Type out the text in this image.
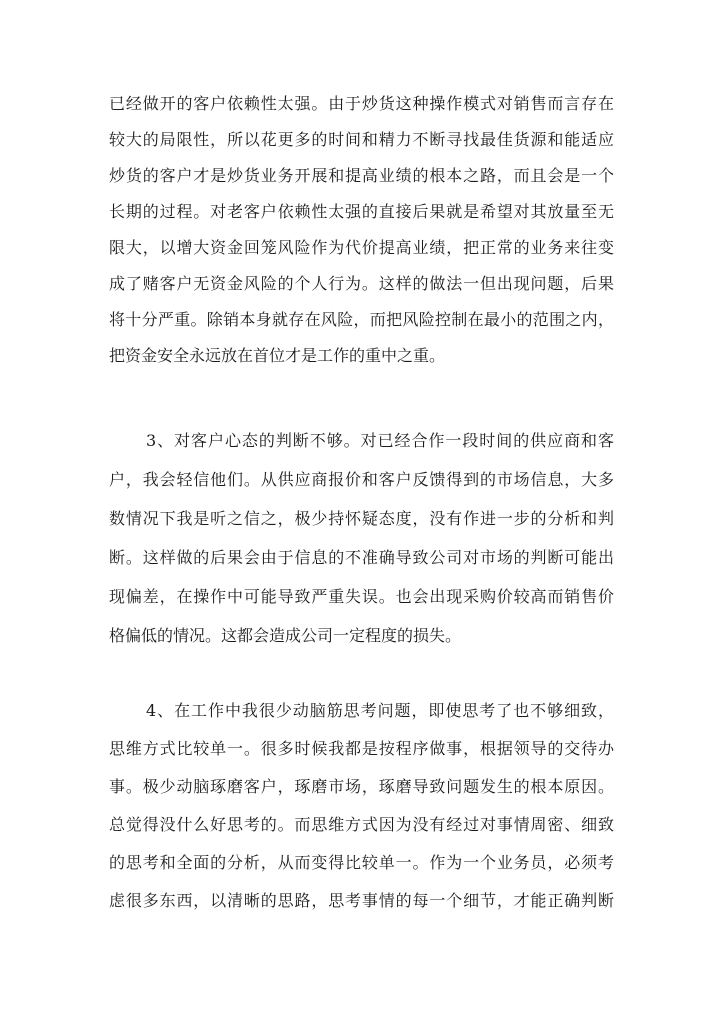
已经做开的客户依赖性太强。由于炒货这种操作模式对销售而言存在
较大的局限性，所以花更多的时间和精力不断寻找最佳货源和能适应
炒货的客户才是炒货业务开展和提高业绩的根本之路，而且会是一个
长期的过程。对老客户依赖性太强的直接后果就是希望对其放量至无
限大，以增大资金回笼风险作为代价提高业绩，把正常的业务来往变
成了赌客户无资金风险的个人行为。这样的做法一但出现问题，后果
将十分严重。除销本身就存在风险，而把风险控制在最小的范围之内，
把资金安全永远放在首位才是工作的重中之重。
3、对客户心态的判断不够。对已经合作一段时间的供应商和客
户，我会轻信他们。从供应商报价和客户反馈得到的市场信息，大多
数情况下我是听之信之，极少持怀疑态度，没有作进一步的分析和判
断。这样做的后果会由于信息的不准确导致公司对市场的判断可能出
现偏差，在操作中可能导致严重失误。也会出现采购价较高而销售价
格偏低的情况。这都会造成公司一定程度的损失。
4、在工作中我很少动脑筋思考问题，即使思考了也不够细致，
思维方式比较单一。很多时候我都是按程序做事，根据领导的交待办
事。极少动脑琢磨客户，琢磨市场，琢磨导致问题发生的根本原因。
总觉得没什么好思考的。而思维方式因为没有经过对事情周密、细致
的思考和全面的分析，从而变得比较单一。作为一个业务员，必须考
虑很多东西，以清晰的思路，思考事情的每一个细节，才能正确判断
